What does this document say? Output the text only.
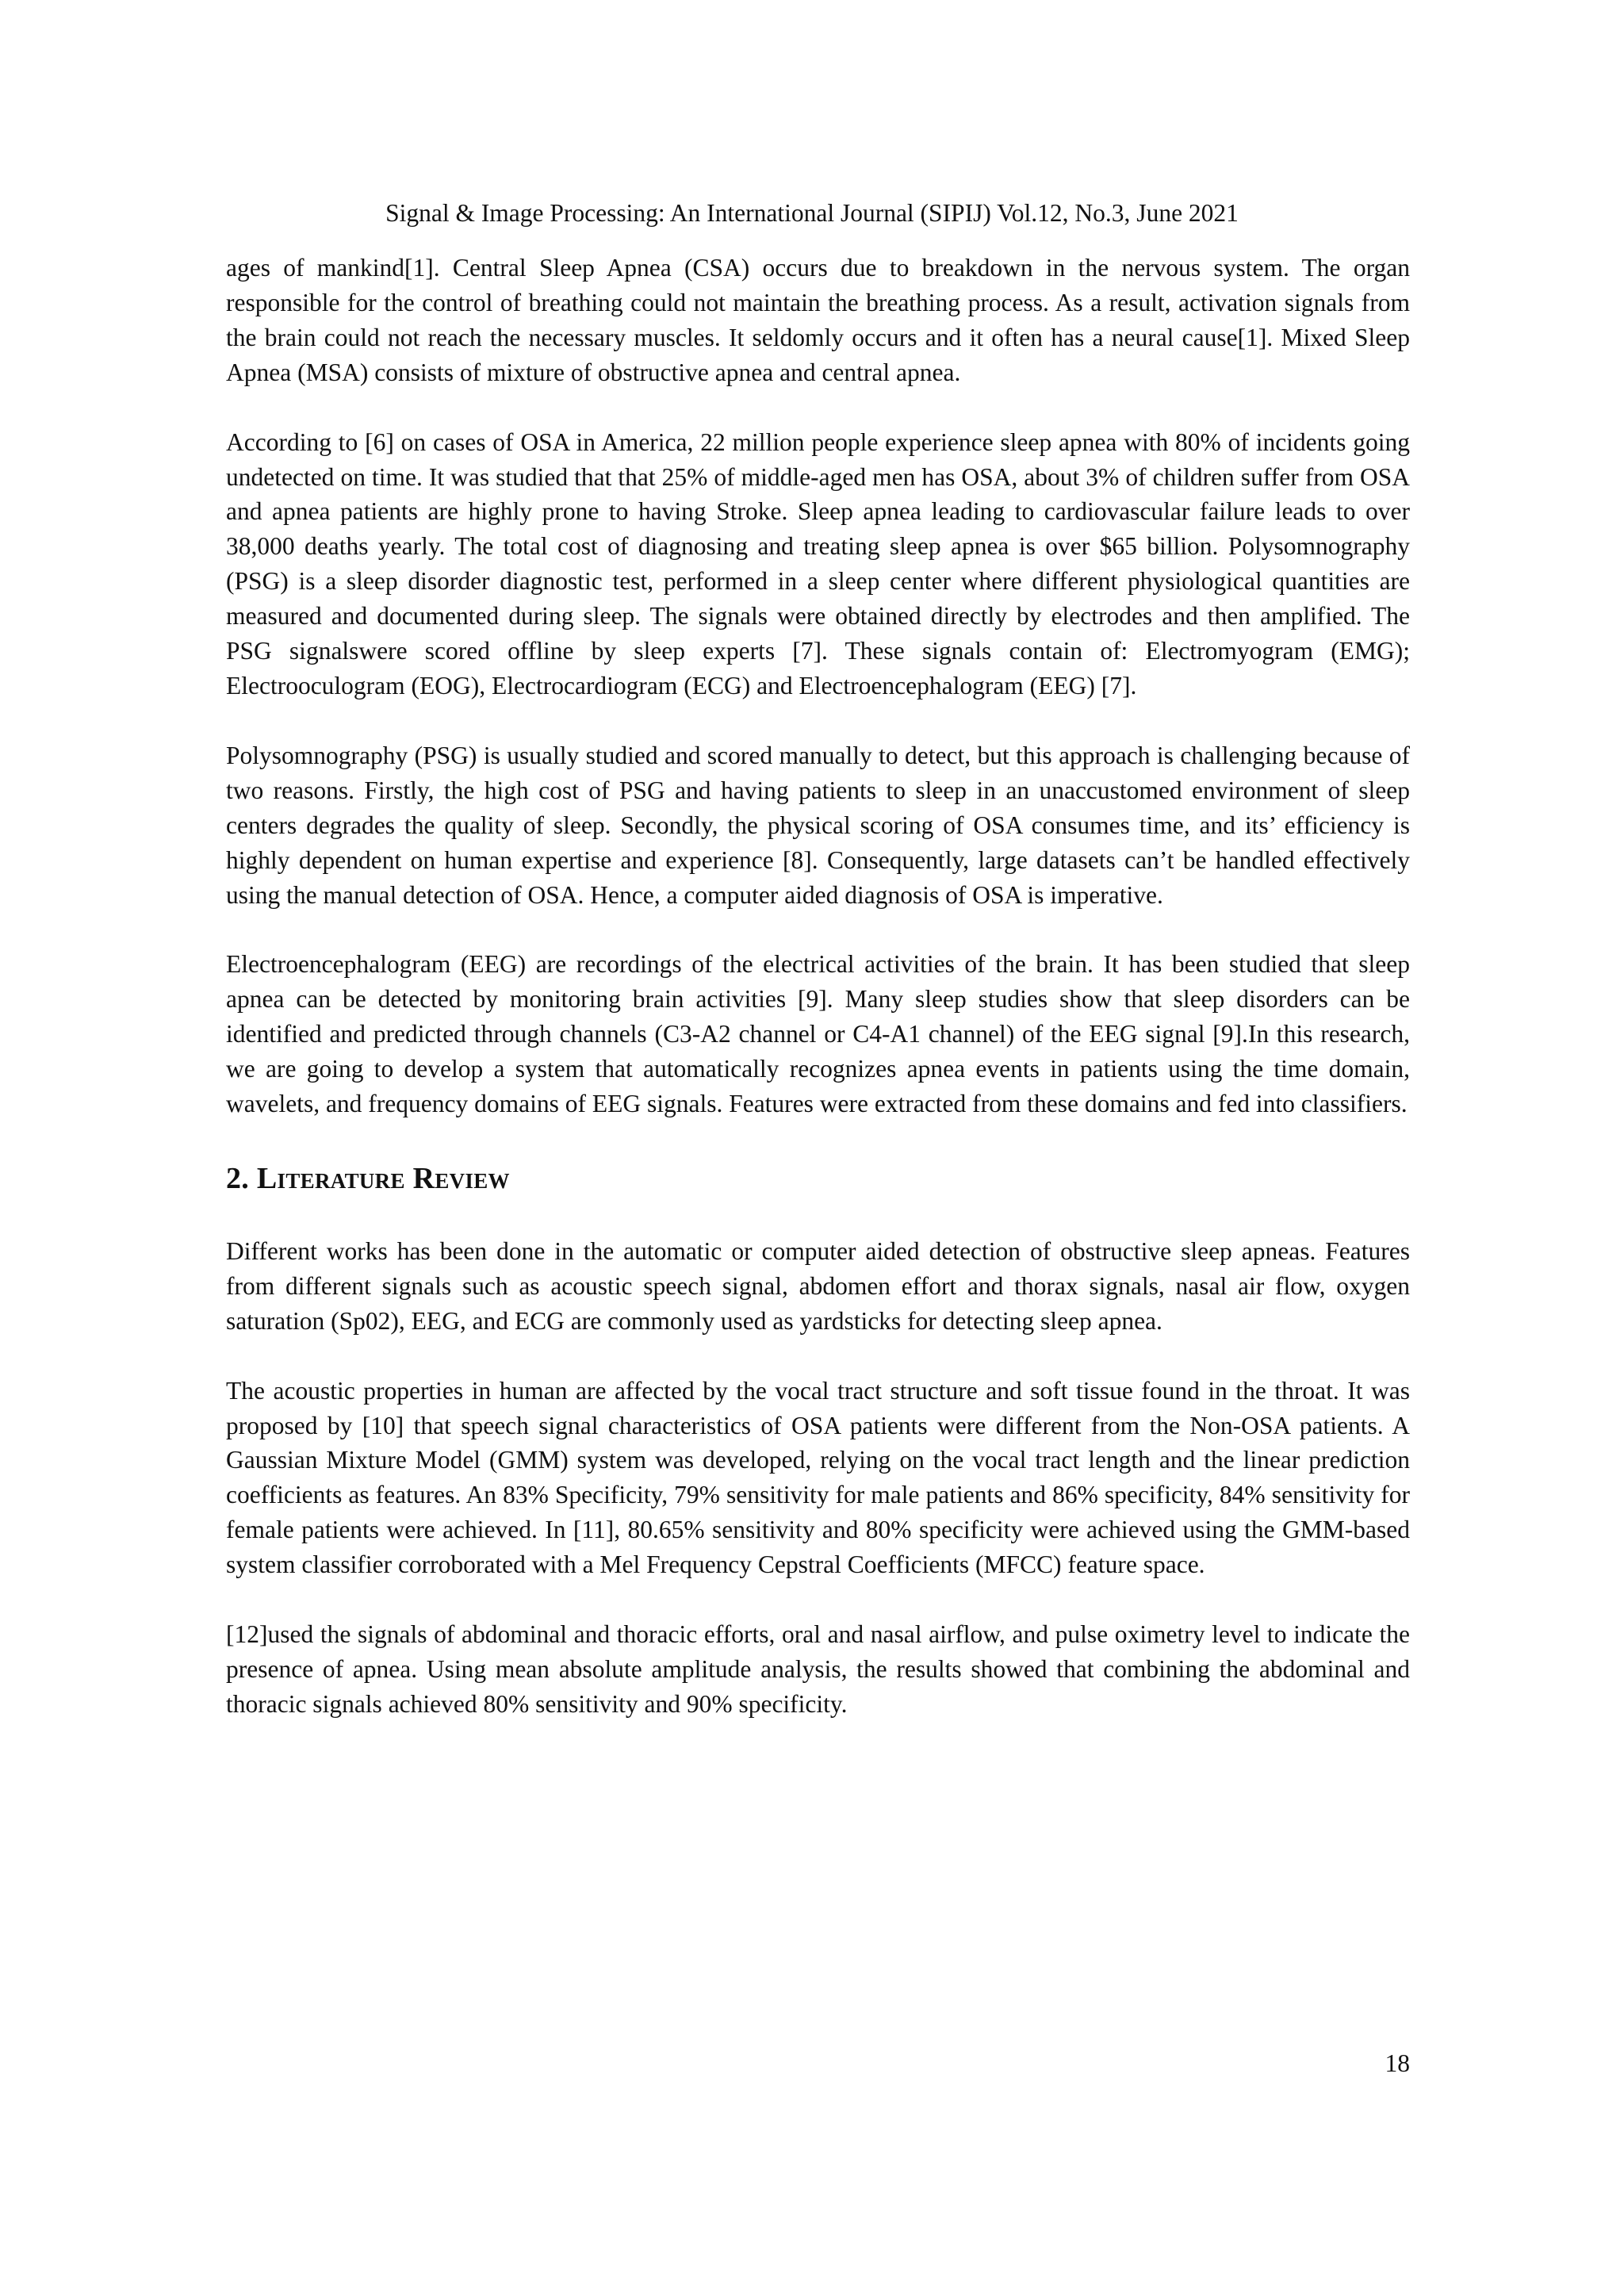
Signal & Image Processing: An International Journal (SIPIJ) Vol.12, No.3, June 2021

ages of mankind[1]. Central Sleep Apnea (CSA) occurs due to breakdown in the nervous system. The organ responsible for the control of breathing could not maintain the breathing process. As a result, activation signals from the brain could not reach the necessary muscles. It seldomly occurs and it often has a neural cause[1]. Mixed Sleep Apnea (MSA) consists of mixture of obstructive apnea and central apnea.

According to [6] on cases of OSA in America, 22 million people experience sleep apnea with 80% of incidents going undetected on time. It was studied that that 25% of middle-aged men has OSA, about 3% of children suffer from OSA and apnea patients are highly prone to having Stroke. Sleep apnea leading to cardiovascular failure leads to over 38,000 deaths yearly. The total cost of diagnosing and treating sleep apnea is over $65 billion. Polysomnography (PSG) is a sleep disorder diagnostic test, performed in a sleep center where different physiological quantities are measured and documented during sleep. The signals were obtained directly by electrodes and then amplified. The PSG signalswere scored offline by sleep experts [7]. These signals contain of: Electromyogram (EMG); Electrooculogram (EOG), Electrocardiogram (ECG) and Electroencephalogram (EEG) [7].

Polysomnography (PSG) is usually studied and scored manually to detect, but this approach is challenging because of two reasons. Firstly, the high cost of PSG and having patients to sleep in an unaccustomed environment of sleep centers degrades the quality of sleep. Secondly, the physical scoring of OSA consumes time, and its’ efficiency is highly dependent on human expertise and experience [8]. Consequently, large datasets can’t be handled effectively using the manual detection of OSA. Hence, a computer aided diagnosis of OSA is imperative.

Electroencephalogram (EEG) are recordings of the electrical activities of the brain. It has been studied that sleep apnea can be detected by monitoring brain activities [9]. Many sleep studies show that sleep disorders can be identified and predicted through channels (C3-A2 channel or C4-A1 channel) of the EEG signal [9].In this research, we are going to develop a system that automatically recognizes apnea events in patients using the time domain, wavelets, and frequency domains of EEG signals. Features were extracted from these domains and fed into classifiers.

2. Literature Review

Different works has been done in the automatic or computer aided detection of obstructive sleep apneas. Features from different signals such as acoustic speech signal, abdomen effort and thorax signals, nasal air flow, oxygen saturation (Sp02), EEG, and ECG are commonly used as yardsticks for detecting sleep apnea.

The acoustic properties in human are affected by the vocal tract structure and soft tissue found in the throat. It was proposed by [10] that speech signal characteristics of OSA patients were different from the Non-OSA patients. A Gaussian Mixture Model (GMM) system was developed, relying on the vocal tract length and the linear prediction coefficients as features. An 83% Specificity, 79% sensitivity for male patients and 86% specificity, 84% sensitivity for female patients were achieved. In [11], 80.65% sensitivity and 80% specificity were achieved using the GMM-based system classifier corroborated with a Mel Frequency Cepstral Coefficients (MFCC) feature space.

[12]used the signals of abdominal and thoracic efforts, oral and nasal airflow, and pulse oximetry level to indicate the presence of apnea. Using mean absolute amplitude analysis, the results showed that combining the abdominal and thoracic signals achieved 80% sensitivity and 90% specificity.

18
